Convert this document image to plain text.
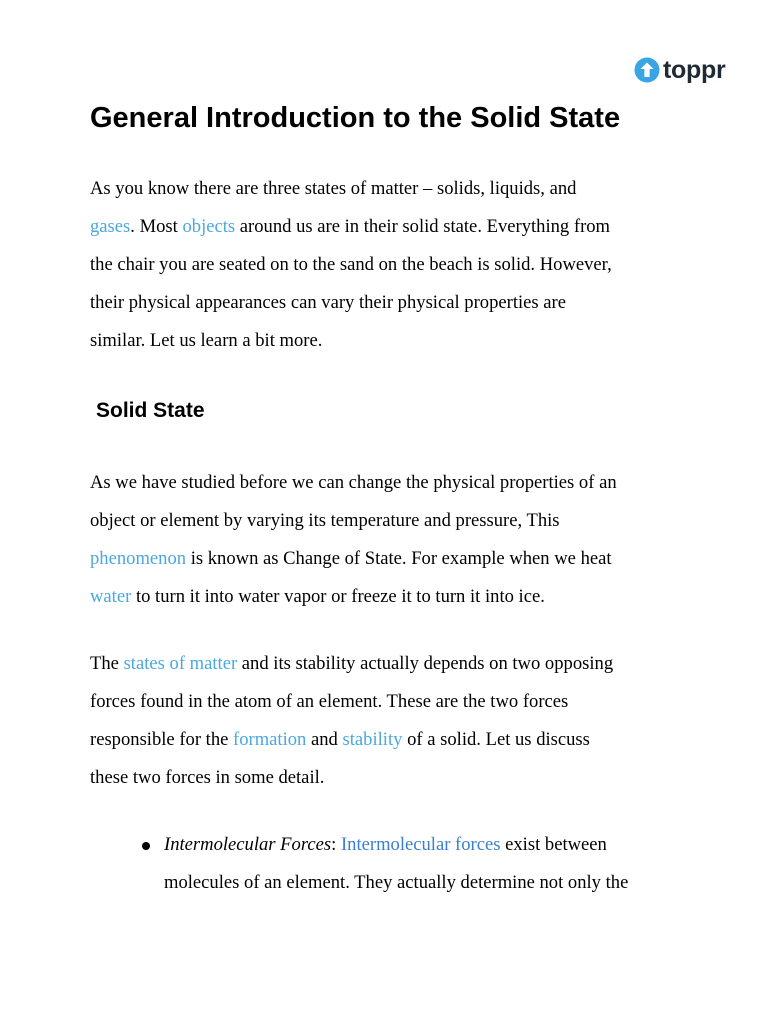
toppr
General Introduction to the Solid State

As you know there are three states of matter – solids, liquids, and
gases. Most objects around us are in their solid state. Everything from
the chair you are seated on to the sand on the beach is solid. However,
their physical appearances can vary their physical properties are
similar. Let us learn a bit more.

Solid State

As we have studied before we can change the physical properties of an
object or element by varying its temperature and pressure, This
phenomenon is known as Change of State. For example when we heat
water to turn it into water vapor or freeze it to turn it into ice.

The states of matter and its stability actually depends on two opposing
forces found in the atom of an element. These are the two forces
responsible for the formation and stability of a solid. Let us discuss
these two forces in some detail.

Intermolecular Forces: Intermolecular forces exist between
molecules of an element. They actually determine not only the
